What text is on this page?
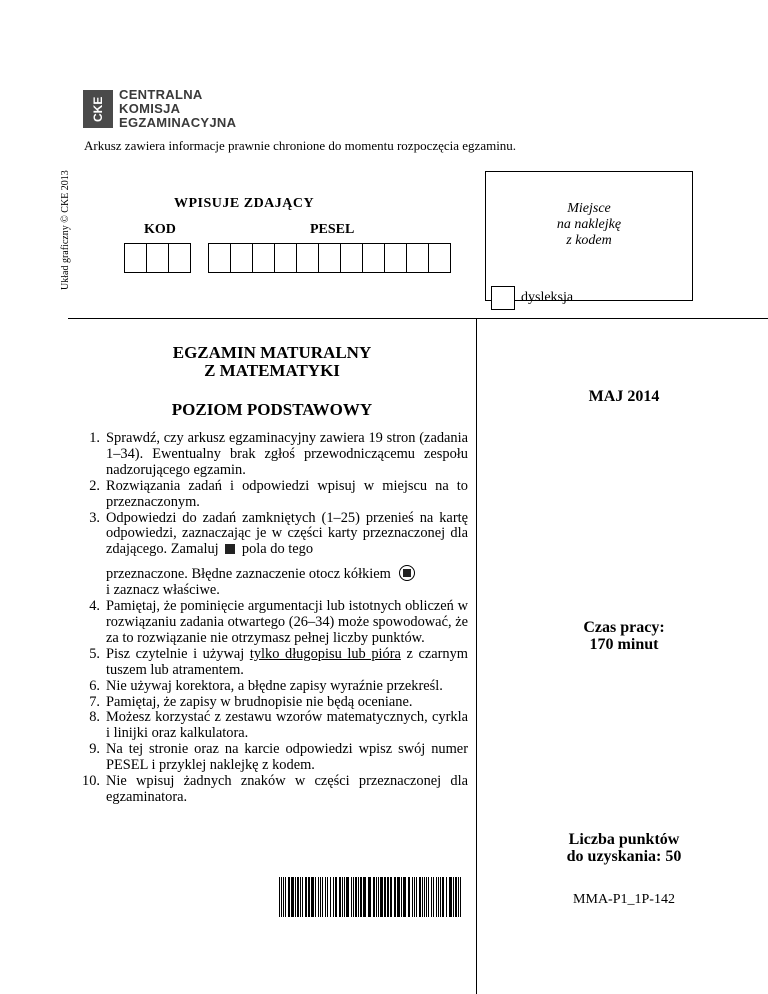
CKE
CENTRALNA
KOMISJA
EGZAMINACYJNA
Arkusz zawiera informacje prawnie chronione do momentu rozpoczęcia egzaminu.
Układ graficzny © CKE 2013	WPISUJE ZDAJĄCY
KOD	PESEL
Miejsce
na naklejkę
z kodem
dysleksja
EGZAMIN MATURALNY
Z MATEMATYKI
POZIOM PODSTAWOWY
1. Sprawdź, czy arkusz egzaminacyjny zawiera 19 stron (zadania 1–34). Ewentualny brak zgłoś przewodniczącemu zespołu nadzorującego egzamin.
2. Rozwiązania zadań i odpowiedzi wpisuj w miejscu na to przeznaczonym.
3. Odpowiedzi do zadań zamkniętych (1–25) przenieś na kartę odpowiedzi, zaznaczając je w części karty przeznaczonej dla zdającego. Zamaluj pola do tego
przeznaczone. Błędne zaznaczenie otocz kółkiem
i zaznacz właściwe.
4. Pamiętaj, że pominięcie argumentacji lub istotnych obliczeń w rozwiązaniu zadania otwartego (26–34) może spowodować, że za to rozwiązanie nie otrzymasz pełnej liczby punktów.
5. Pisz czytelnie i używaj tylko długopisu lub pióra z czarnym tuszem lub atramentem.
6. Nie używaj korektora, a błędne zapisy wyraźnie przekreśl.
7. Pamiętaj, że zapisy w brudnopisie nie będą oceniane.
8. Możesz korzystać z zestawu wzorów matematycznych, cyrkla i linijki oraz kalkulatora.
9. Na tej stronie oraz na karcie odpowiedzi wpisz swój numer PESEL i przyklej naklejkę z kodem.
10. Nie wpisuj żadnych znaków w części przeznaczonej dla egzaminatora.
MAJ 2014
Czas pracy:
170 minut
Liczba punktów
do uzyskania: 50
MMA-P1_1P-142
